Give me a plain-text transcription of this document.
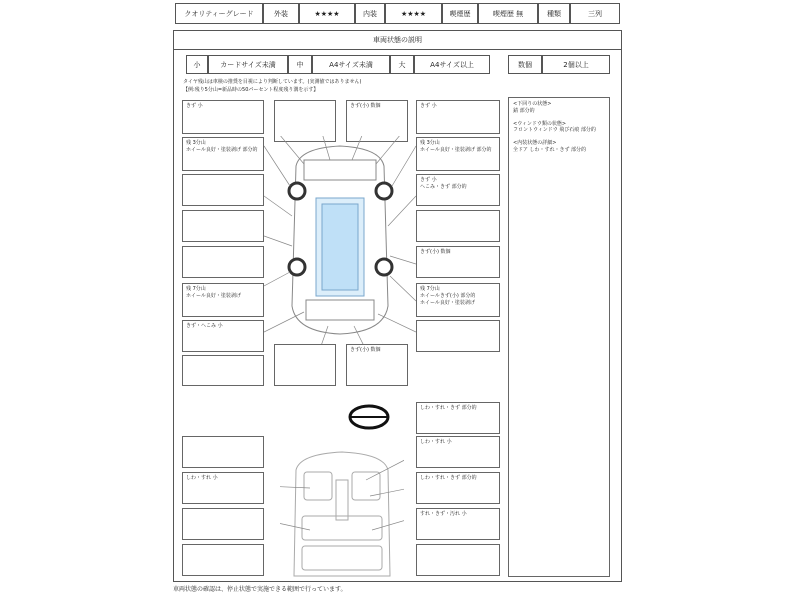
クオリティーグレード	外装	★★★★	内装	★★★★	喫煙歴	喫煙歴 無	種類	三列
車両状態の説明
小	カードサイズ未満	中	A4サイズ未満	大	A4サイズ以上	数個	2個以上
タイヤ残山は車検の推奨を目視により判断しています。(実測値ではありません)
【例:残り5分山=新品時の50パーセント程度残り溝を示す】
<下回りの状態>
錆 部分的
<ウィンドウ類の状態>
フロントウィンドウ 飛び石痕 部分的
<内装状態の詳細>
全ドア しわ・すれ・きず 部分的
きず 小
残 3分山
ホイール良好・塗装剥げ 部分的
残 7分山
ホイール良好・塗装剥げ
きず・へこみ 小
きず(小) 数個
きず(小) 数個
きず 小
残 3分山
ホイール良好・塗装剥げ 部分的
きず 小
へこみ・きず 部分的
きず(小) 数個
残 7分山
ホイールきず(小) 部分的
ホイール良好・塗装剥げ
しわ・すれ・きず 部分的
しわ・すれ 小
しわ・すれ 小	しわ・すれ・きず 部分的
すれ・きず・汚れ 小
車両状態の確認は、停止状態で実施できる範囲で行っています。
